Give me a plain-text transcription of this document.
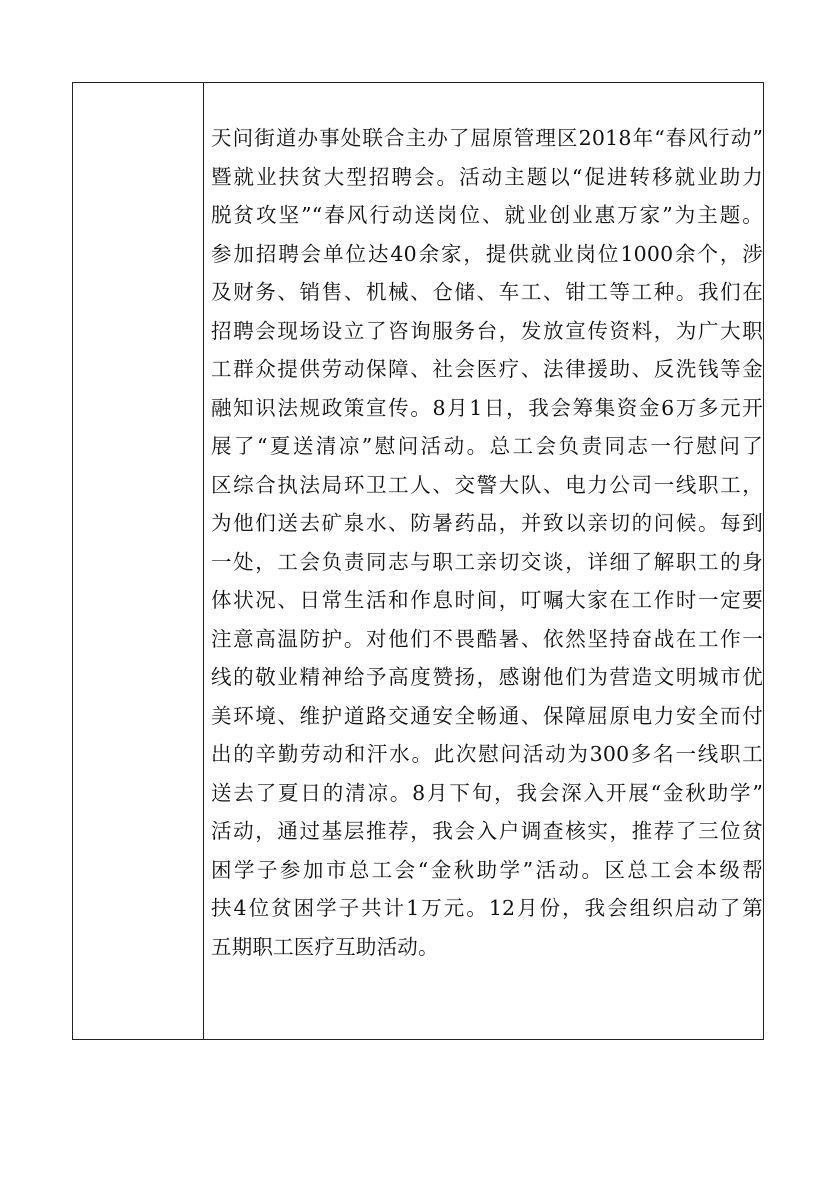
天问街道办事处联合主办了屈原管理区2018年“春风行动”
暨就业扶贫大型招聘会。活动主题以“促进转移就业助力
脱贫攻坚”“春风行动送岗位、就业创业惠万家”为主题。
参加招聘会单位达40余家，提供就业岗位1000余个，涉
及财务、销售、机械、仓储、车工、钳工等工种。我们在
招聘会现场设立了咨询服务台，发放宣传资料，为广大职
工群众提供劳动保障、社会医疗、法律援助、反洗钱等金
融知识法规政策宣传。8月1日，我会筹集资金6万多元开
展了“夏送清凉”慰问活动。总工会负责同志一行慰问了
区综合执法局环卫工人、交警大队、电力公司一线职工，
为他们送去矿泉水、防暑药品，并致以亲切的问候。每到
一处，工会负责同志与职工亲切交谈，详细了解职工的身
体状况、日常生活和作息时间，叮嘱大家在工作时一定要
注意高温防护。对他们不畏酷暑、依然坚持奋战在工作一
线的敬业精神给予高度赞扬，感谢他们为营造文明城市优
美环境、维护道路交通安全畅通、保障屈原电力安全而付
出的辛勤劳动和汗水。此次慰问活动为300多名一线职工
送去了夏日的清凉。8月下旬，我会深入开展“金秋助学”
活动，通过基层推荐，我会入户调查核实，推荐了三位贫
困学子参加市总工会“金秋助学”活动。区总工会本级帮
扶4位贫困学子共计1万元。12月份，我会组织启动了第
五期职工医疗互助活动。
